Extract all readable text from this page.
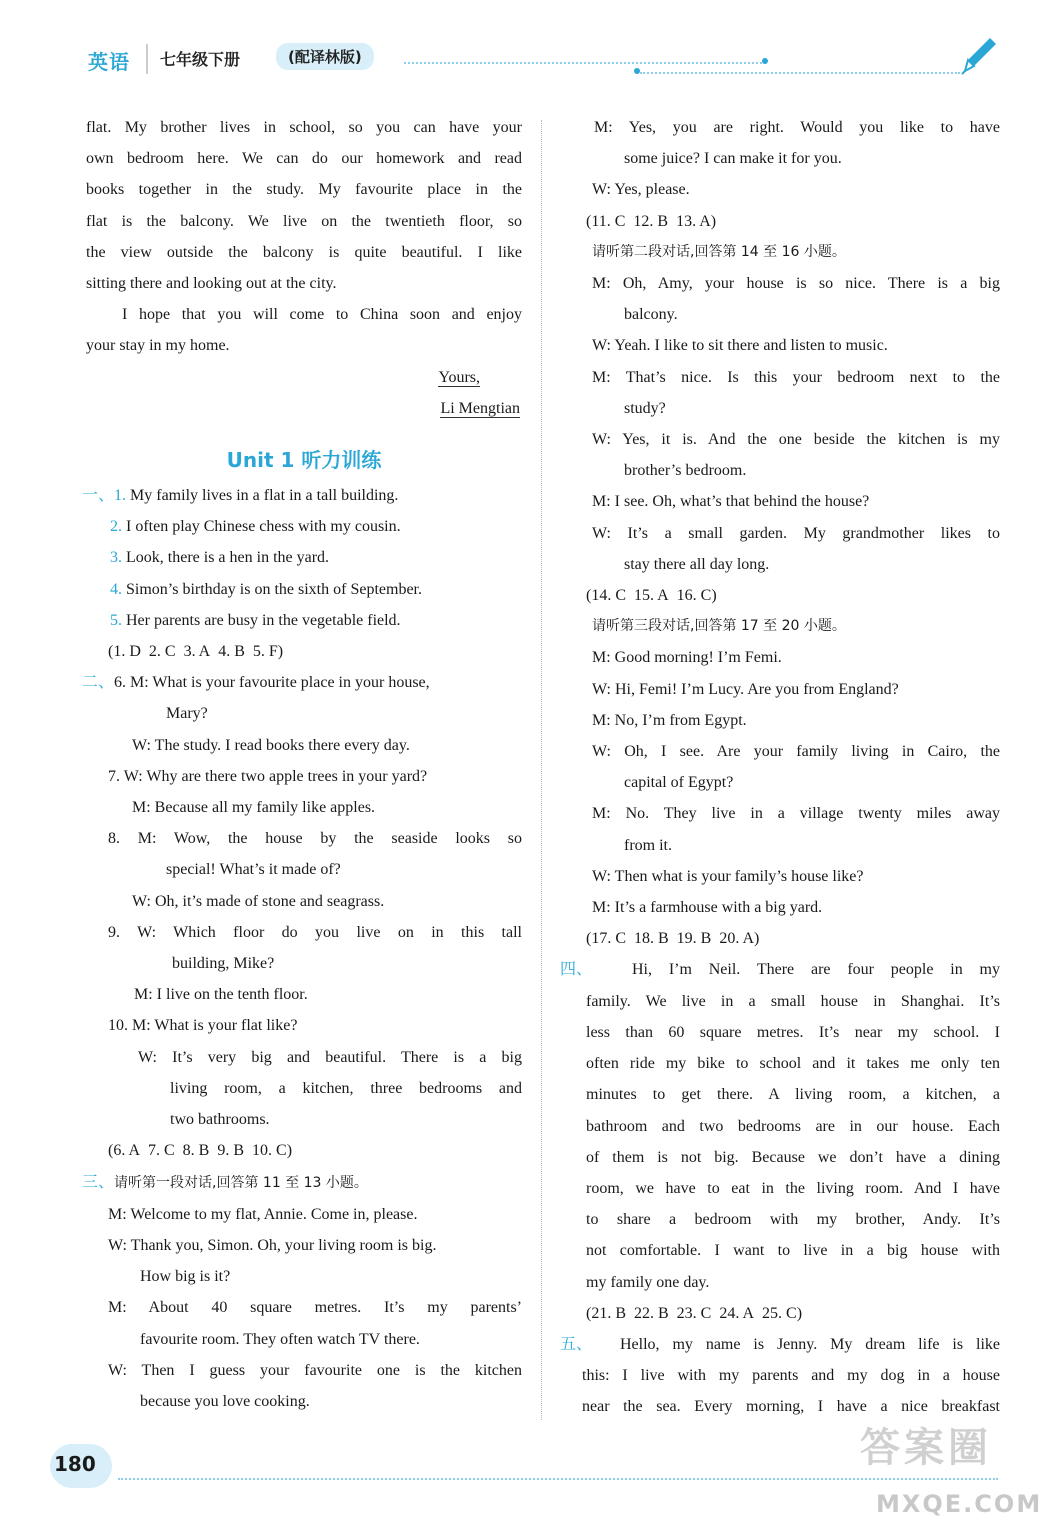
英语 七年级下册	(配译林版)

flat. My brother lives in school, so you can have your

own bedroom here. We can do our homework and read

books together in the study. My favourite place in the

flat is the balcony. We live on the twentieth floor, so

the view outside the balcony is quite beautiful. I like

sitting there and looking out at the city.

I hope that you will come to China soon and enjoy

your stay in my home.

Yours,

Li Mengtian

Unit 1 听力训练

一、1. My family lives in a flat in a tall building.

2. I often play Chinese chess with my cousin.

3. Look, there is a hen in the yard.

4. Simon’s birthday is on the sixth of September.

5. Her parents are busy in the vegetable field.

(1. D 2. C 3. A 4. B 5. F)

二、6. M: What is your favourite place in your house,

Mary?

W: The study. I read books there every day.

7. W: Why are there two apple trees in your yard?

M: Because all my family like apples.

8. M: Wow, the house by the seaside looks so

special! What’s it made of?

W: Oh, it’s made of stone and seagrass.

9. W: Which floor do you live on in this tall

building, Mike?

M: I live on the tenth floor.

10. M: What is your flat like?

W: It’s very big and beautiful. There is a big

living room, a kitchen, three bedrooms and

two bathrooms.

(6. A 7. C 8. B 9. B 10. C)

三、请听第一段对话,回答第 11 至 13 小题。

M: Welcome to my flat, Annie. Come in, please.

W: Thank you, Simon. Oh, your living room is big.

How big is it?

M: About 40 square metres. It’s my parents’

favourite room. They often watch TV there.

W: Then I guess your favourite one is the kitchen

because you love cooking.

M: Yes, you are right. Would you like to have

some juice? I can make it for you.

W: Yes, please.

(11. C 12. B 13. A)

请听第二段对话,回答第 14 至 16 小题。

M: Oh, Amy, your house is so nice. There is a big

balcony.

W: Yeah. I like to sit there and listen to music.

M: That’s nice. Is this your bedroom next to the

study?

W: Yes, it is. And the one beside the kitchen is my

brother’s bedroom.

M: I see. Oh, what’s that behind the house?

W: It’s a small garden. My grandmother likes to

stay there all day long.

(14. C 15. A 16. C)

请听第三段对话,回答第 17 至 20 小题。

M: Good morning! I’m Femi.

W: Hi, Femi! I’m Lucy. Are you from England?

M: No, I’m from Egypt.

W: Oh, I see. Are your family living in Cairo, the

capital of Egypt?

M: No. They live in a village twenty miles away

from it.

W: Then what is your family’s house like?

M: It’s a farmhouse with a big yard.

(17. C 18. B 19. B 20. A)

四、 Hi, I’m Neil. There are four people in my

family. We live in a small house in Shanghai. It’s

less than 60 square metres. It’s near my school. I

often ride my bike to school and it takes me only ten

minutes to get there. A living room, a kitchen, a

bathroom and two bedrooms are in our house. Each

of them is not big. Because we don’t have a dining

room, we have to eat in the living room. And I have

to share a bedroom with my brother, Andy. It’s

not comfortable. I want to live in a big house with

my family one day.

(21. B 22. B 23. C 24. A 25. C)

五、 Hello, my name is Jenny. My dream life is like

this: I live with my parents and my dog in a house

near the sea. Every morning, I have a nice breakfast

180	答案圈
MXQE.COM
